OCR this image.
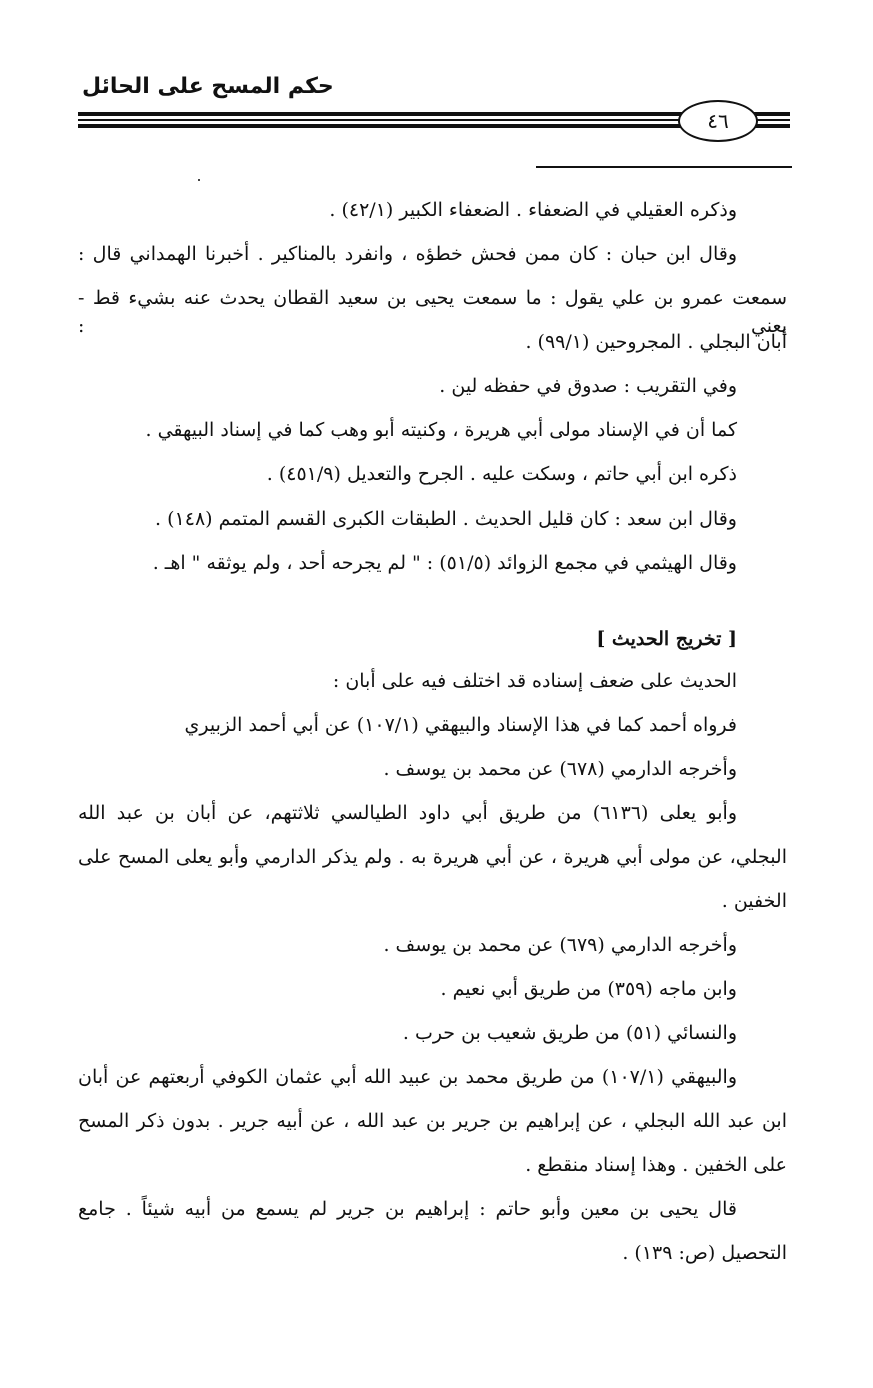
حكم المسح على الحائل
٤٦
وذكره العقيلي في الضعفاء . الضعفاء الكبير (٤٢/١) .
وقال ابن حبان : كان ممن فحش خطؤه ، وانفرد بالمناكير . أخبرنا الهمداني قال :
سمعت عمرو بن علي يقول : ما سمعت يحيى بن سعيد القطان يحدث عنه بشيء قط - يعني :
أبان البجلي . المجروحين (٩٩/١) .
وفي التقريب : صدوق في حفظه لين .
كما أن في الإسناد مولى أبي هريرة ، وكنيته أبو وهب كما في إسناد البيهقي .
ذكره ابن أبي حاتم ، وسكت عليه . الجرح والتعديل (٤٥١/٩) .
وقال ابن سعد : كان قليل الحديث . الطبقات الكبرى القسم المتمم (١٤٨) .
وقال الهيثمي في مجمع الزوائد (٥١/٥) : " لم يجرحه أحد ، ولم يوثقه " اهـ .
[ تخريج الحديث ]
الحديث على ضعف إسناده قد اختلف فيه على أبان :
فرواه أحمد كما في هذا الإسناد والبيهقي (١٠٧/١) عن أبي أحمد الزبيري
وأخرجه الدارمي (٦٧٨) عن محمد بن يوسف .
وأبو يعلى (٦١٣٦) من طريق أبي داود الطيالسي ثلاثتهم، عن أبان بن عبد الله
البجلي، عن مولى أبي هريرة ، عن أبي هريرة به . ولم يذكر الدارمي وأبو يعلى المسح على
الخفين .
وأخرجه الدارمي (٦٧٩) عن محمد بن يوسف .
وابن ماجه (٣٥٩) من طريق أبي نعيم .
والنسائي (٥١) من طريق شعيب بن حرب .
والبيهقي (١٠٧/١) من طريق محمد بن عبيد الله أبي عثمان الكوفي أربعتهم عن أبان
ابن عبد الله البجلي ، عن إبراهيم بن جرير بن عبد الله ، عن أبيه جرير . بدون ذكر المسح
على الخفين . وهذا إسناد منقطع .
قال يحيى بن معين وأبو حاتم : إبراهيم بن جرير لم يسمع من أبيه شيئاً . جامع
التحصيل (ص: ١٣٩) .
